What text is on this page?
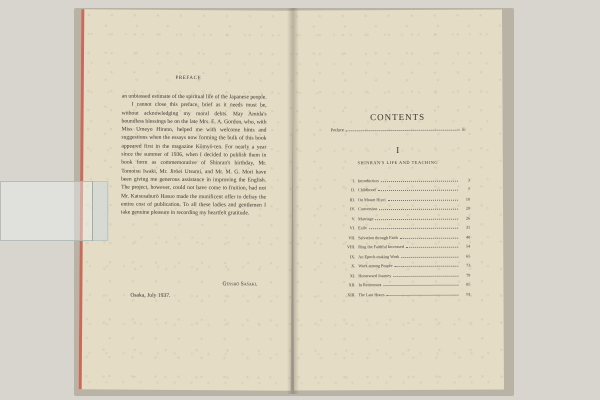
PREFACE

an unbiassed estimate of the spiritual life of the Japanese people.

I cannot close this preface, brief as it needs must be, without acknowledging my moral debts. May Amida's boundless blessings be on the late Mrs. E. A. Gordon, who, with Miss Umeyo Hirano, helped me with welcome hints and suggestions when the essays now forming the bulk of this book appeared first in the magazine Kōmyō-ten. For nearly a year since the summer of 1936, when I decided to publish them in book form as commemorative of Shinran's birthday, Mr. Tomotsu Iwaki, Mr. Jirōei Utsumi, and Mr. M. G. Mori have been giving me generous assistance in improving the English. The project, however, could not have come to fruition, had not Mr. Katsusaburō Hasuo made the munificent offer to defray the entire cost of publication. To all these ladies and gentlemen I take genuine pleasure in recording my heartfelt gratitude.

Gesshō Sasaki.
Osaka, July 1937.
CONTENTS
Preface	iii
I
SHINRAN'S LIFE AND TEACHING
I. Introduction	3
II. Childhood	7
III. On Mount Hiyei	10
IV. Conversion	20
V. Marriage	26
VI. Exile	31
VII. Salvation through Faith	40
VIII. Ring the Faithful Increased	54
IX. An Epoch-making Work	65
X. Work among People	73
XI. Homeward Journey	79
XII. In Retirement	85
XIII. The Last Hours	91
